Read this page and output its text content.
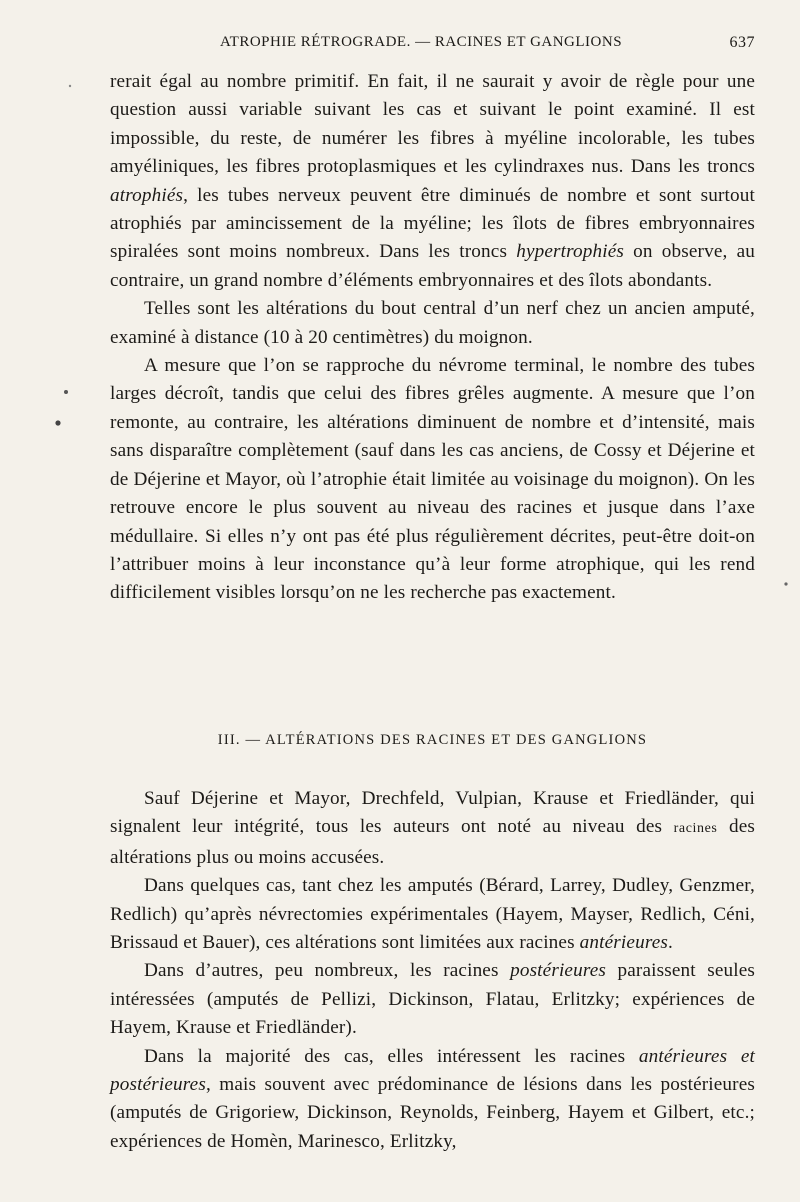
ATROPHIE RÉTROGRADE. — RACINES ET GANGLIONS	637

rerait égal au nombre primitif. En fait, il ne saurait y avoir de règle pour une question aussi variable suivant les cas et suivant le point examiné. Il est impossible, du reste, de numérer les fibres à myéline incolorable, les tubes amyéliniques, les fibres protoplasmiques et les cylindraxes nus. Dans les troncs atrophiés, les tubes nerveux peuvent être diminués de nombre et sont surtout atrophiés par amincissement de la myéline; les îlots de fibres embryonnaires spiralées sont moins nombreux. Dans les troncs hypertrophiés on observe, au contraire, un grand nombre d’éléments embryonnaires et des îlots abondants.

Telles sont les altérations du bout central d’un nerf chez un ancien amputé, examiné à distance (10 à 20 centimètres) du moignon.

A mesure que l’on se rapproche du névrome terminal, le nombre des tubes larges décroît, tandis que celui des fibres grêles augmente. A mesure que l’on remonte, au contraire, les altérations diminuent de nombre et d’intensité, mais sans disparaître complètement (sauf dans les cas anciens, de Cossy et Déjerine et de Déjerine et Mayor, où l’atrophie était limitée au voisinage du moignon). On les retrouve encore le plus souvent au niveau des racines et jusque dans l’axe médullaire. Si elles n’y ont pas été plus régulièrement décrites, peut-être doit-on l’attribuer moins à leur inconstance qu’à leur forme atrophique, qui les rend difficilement visibles lorsqu’on ne les recherche pas exactement.

III. — ALTÉRATIONS DES RACINES ET DES GANGLIONS

Sauf Déjerine et Mayor, Drechfeld, Vulpian, Krause et Friedländer, qui signalent leur intégrité, tous les auteurs ont noté au niveau des racines des altérations plus ou moins accusées.

Dans quelques cas, tant chez les amputés (Bérard, Larrey, Dudley, Genzmer, Redlich) qu’après névrectomies expérimentales (Hayem, Mayser, Redlich, Céni, Brissaud et Bauer), ces altérations sont limitées aux racines antérieures.

Dans d’autres, peu nombreux, les racines postérieures paraissent seules intéressées (amputés de Pellizi, Dickinson, Flatau, Erlitzky; expériences de Hayem, Krause et Friedländer).

Dans la majorité des cas, elles intéressent les racines antérieures et postérieures, mais souvent avec prédominance de lésions dans les postérieures (amputés de Grigoriew, Dickinson, Reynolds, Feinberg, Hayem et Gilbert, etc.; expériences de Homèn, Marinesco, Erlitzky,
